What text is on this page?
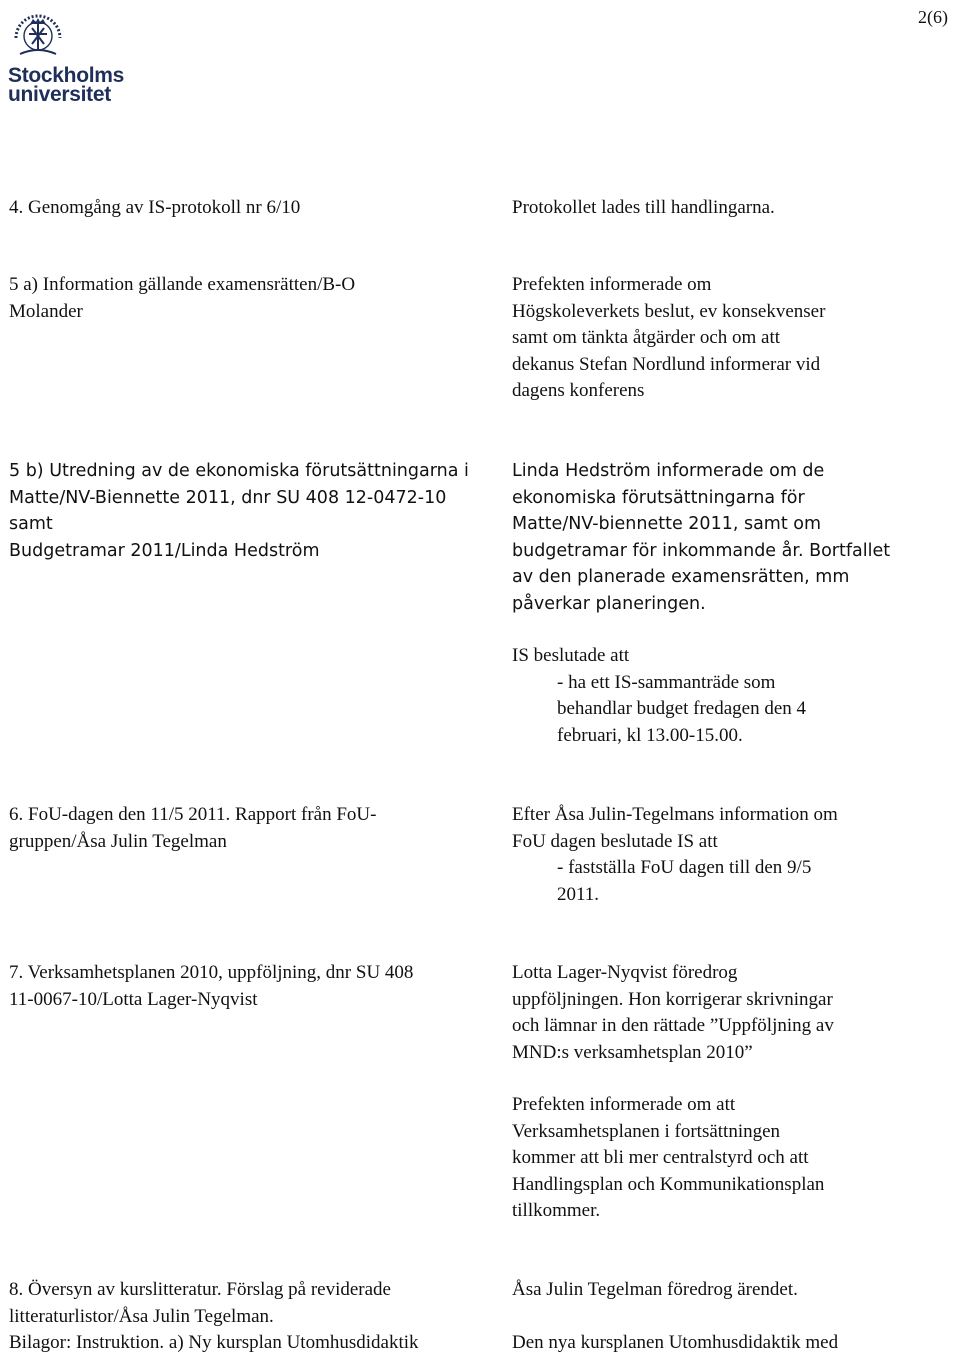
2(6)
Stockholms
universitet
4. Genomgång av IS-protokoll nr 6/10	Protokollet lades till handlingarna.
5 a) Information gällande examensrätten/B-O
Molander
Prefekten informerade om
Högskoleverkets beslut, ev konsekvenser
samt om tänkta åtgärder och om att
dekanus Stefan Nordlund informerar vid
dagens konferens
5 b) Utredning av de ekonomiska förutsättningarna i
Matte/NV-Biennette 2011, dnr SU 408 12-0472-10
samt
Budgetramar 2011/Linda Hedström
Linda Hedström informerade om de
ekonomiska förutsättningarna för
Matte/NV-biennette 2011, samt om
budgetramar för inkommande år. Bortfallet
av den planerade examensrätten, mm
påverkar planeringen.
IS beslutade att
- ha ett IS-sammanträde som
behandlar budget fredagen den 4
februari, kl 13.00-15.00.
6. FoU-dagen den 11/5 2011. Rapport från FoU-
gruppen/Åsa Julin Tegelman
Efter Åsa Julin-Tegelmans information om
FoU dagen beslutade IS att
- fastställa FoU dagen till den 9/5
2011.
7. Verksamhetsplanen 2010, uppföljning, dnr SU 408
11-0067-10/Lotta Lager-Nyqvist
Lotta Lager-Nyqvist föredrog
uppföljningen. Hon korrigerar skrivningar
och lämnar in den rättade ”Uppföljning av
MND:s verksamhetsplan 2010”
Prefekten informerade om att
Verksamhetsplanen i fortsättningen
kommer att bli mer centralstyrd och att
Handlingsplan och Kommunikationsplan
tillkommer.
8. Översyn av kurslitteratur. Förslag på reviderade
litteraturlistor/Åsa Julin Tegelman.
Bilagor: Instruktion. a) Ny kursplan Utomhusdidaktik
Åsa Julin Tegelman föredrog ärendet.
Den nya kursplanen Utomhusdidaktik med
